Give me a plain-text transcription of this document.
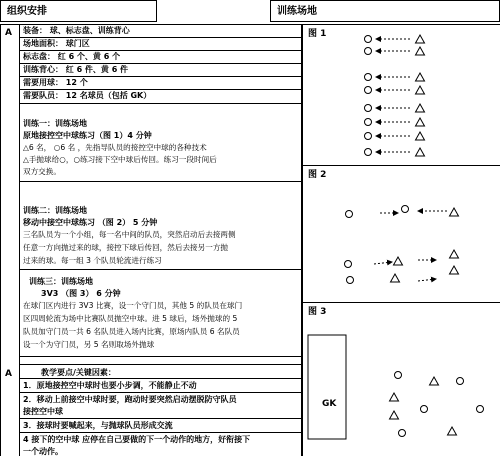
组织安排	训练场地
A
A
装备： 球、标志盘、训练背心
场地面积： 球门区
标志盘： 红 6 个、黄 6 个
训练背心： 红 6 件、黄 6 件
需要用球： 12 个
需要队员： 12 名球员（包括 GK）
训练一：训练场地
原地接控空中球练习（图 1）4 分钟
△6 名， ○6 名 ，先指导队员的接控空中球的各种技术
△手抛球给○，○练习接下空中球后传回。练习一段时间后
双方交换。
训练二：训练场地
移动中接空中球练习 （图 2） 5 分钟
三名队员为一个小组，每一名中间的队员，突然启动后去接两侧
任意一方向抛过来的球，接控下球后传回，然后去接另一方抛
过来的球。每一组 3 个队员轮流进行练习
训练三：训练场地
3V3 （图 3） 6 分钟
在球门区内进行 3V3 比赛，设一个守门员，其他 5 的队员在球门
区四周轮流为场中比赛队员抛空中球。进 5 球后，场外抛球的 5
队员加守门员一共 6 名队员进入场内比赛，原场内队员 6 名队员
设一个为守门员，另 5 名则取场外抛球
教学要点/关键因素：
1．原地接控空中球时也要小步调，不能静止不动
2．移动上前接空中球时要，跑动时要突然启动摆脱防守队员
接控空中球
3．接球时要喊起来，与抛球队员形成交流
4 接下的空中球 应停在自己要做的下一个动作的地方，好衔接下
一个动作。
图 1
图 2
图 3
GK
